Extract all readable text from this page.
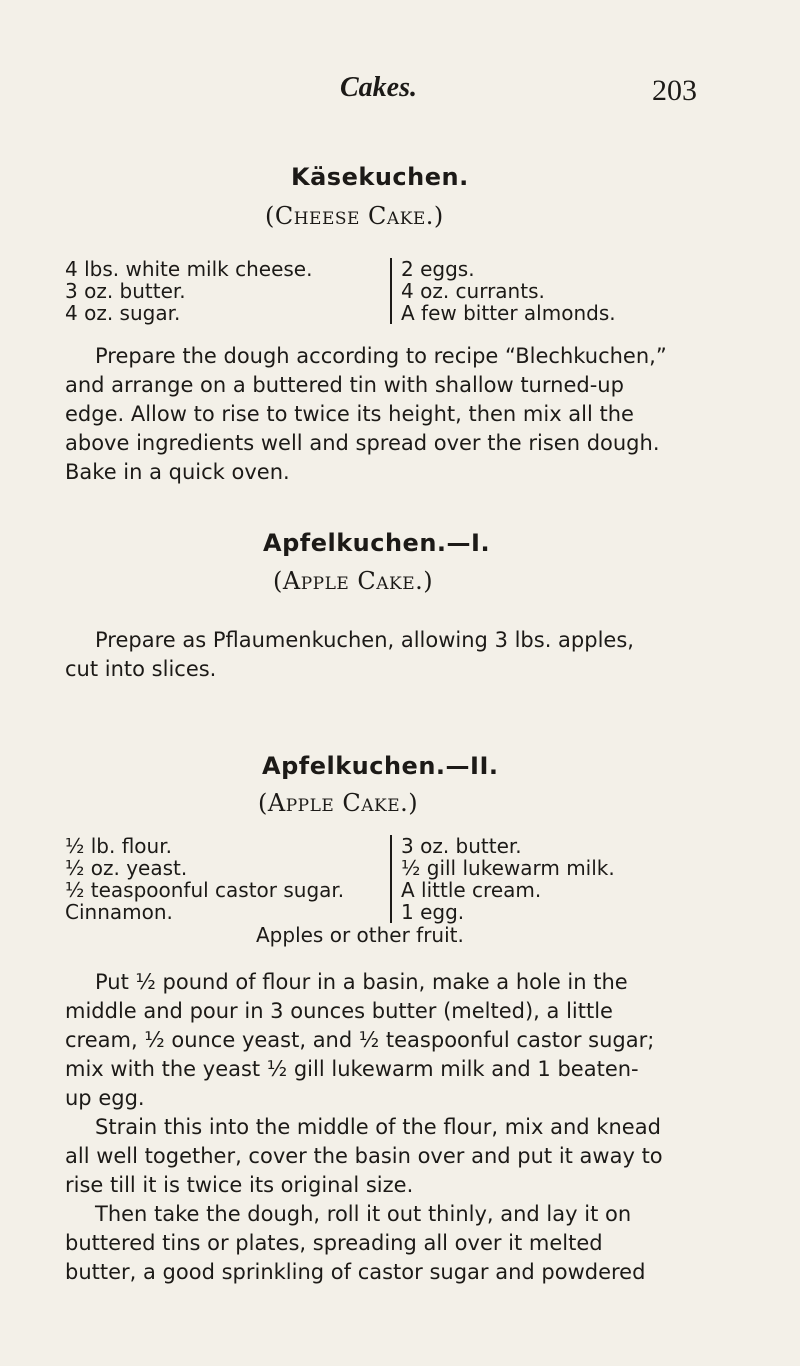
Cakes.	203
Käsekuchen.
(Cheese Cake.)
4 lbs. white milk cheese.
3 oz. butter.
4 oz. sugar.
2 eggs.
4 oz. currants.
A few bitter almonds.
Prepare the dough according to recipe “Blechkuchen,”
and arrange on a buttered tin with shallow turned-up
edge. Allow to rise to twice its height, then mix all the
above ingredients well and spread over the risen dough.
Bake in a quick oven.
Apfelkuchen.—I.
(Apple Cake.)
Prepare as Pflaumenkuchen, allowing 3 lbs. apples,
cut into slices.
Apfelkuchen.—II.
(Apple Cake.)
½ lb. flour.
½ oz. yeast.
½ teaspoonful castor sugar.
Cinnamon.
3 oz. butter.
½ gill lukewarm milk.
A little cream.
1 egg.
Apples or other fruit.
Put ½ pound of flour in a basin, make a hole in the
middle and pour in 3 ounces butter (melted), a little
cream, ½ ounce yeast, and ½ teaspoonful castor sugar;
mix with the yeast ½ gill lukewarm milk and 1 beaten-
up egg.
Strain this into the middle of the flour, mix and knead
all well together, cover the basin over and put it away to
rise till it is twice its original size.
Then take the dough, roll it out thinly, and lay it on
buttered tins or plates, spreading all over it melted
butter, a good sprinkling of castor sugar and powdered
